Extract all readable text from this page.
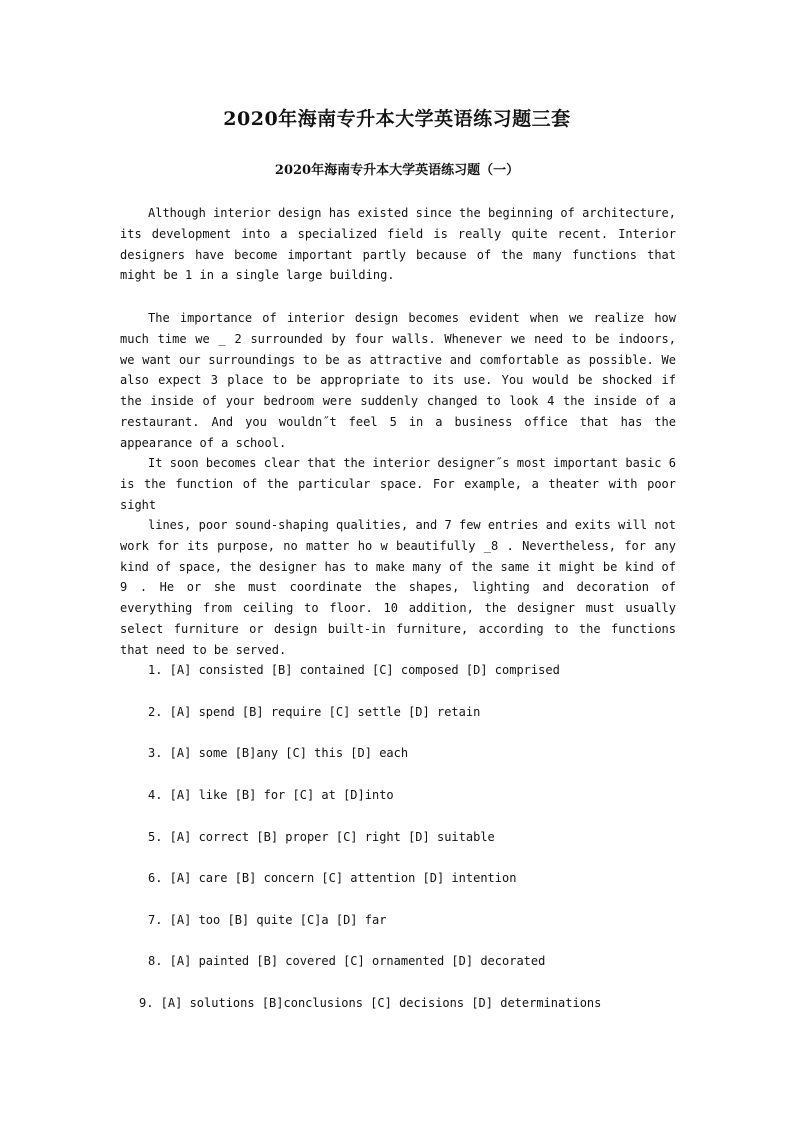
2020年海南专升本大学英语练习题三套
2020年海南专升本大学英语练习题（一）
Although interior design has existed since the beginning of architecture, its development into a specialized field is really quite recent. Interior designers have become important partly because of the many functions that might be 1 in a single large building.
The importance of interior design becomes evident when we realize how much time we _ 2 surrounded by four walls. Whenever we need to be indoors, we want our surroundings to be as attractive and comfortable as possible. We also expect 3 place to be appropriate to its use. You would be shocked if the inside of your bedroom were suddenly changed to look 4 the inside of a restaurant. And you wouldn˝t feel 5 in a business office that has the appearance of a school.
It soon becomes clear that the interior designer˝s most important basic 6 is the function of the particular space. For example, a theater with poor sight
lines, poor sound-shaping qualities, and 7 few entries and exits will not work for its purpose, no matter ho w beautifully _8 . Nevertheless, for any kind of space, the designer has to make many of the same it might be kind of 9 . He or she must coordinate the shapes, lighting and decoration of everything from ceiling to floor. 10 addition, the designer must usually select furniture or design built-in furniture, according to the functions that need to be served.
1. [A] consisted [B] contained [C] composed [D] comprised
2. [A] spend [B] require [C] settle [D] retain
3. [A] some [B]any [C] this [D] each
4. [A] like [B] for [C] at [D]into
5. [A] correct [B] proper [C] right [D] suitable
6. [A] care [B] concern [C] attention [D] intention
7. [A] too [B] quite [C]a [D] far
8. [A] painted [B] covered [C] ornamented [D] decorated
9. [A] solutions [B]conclusions [C] decisions [D] determinations
